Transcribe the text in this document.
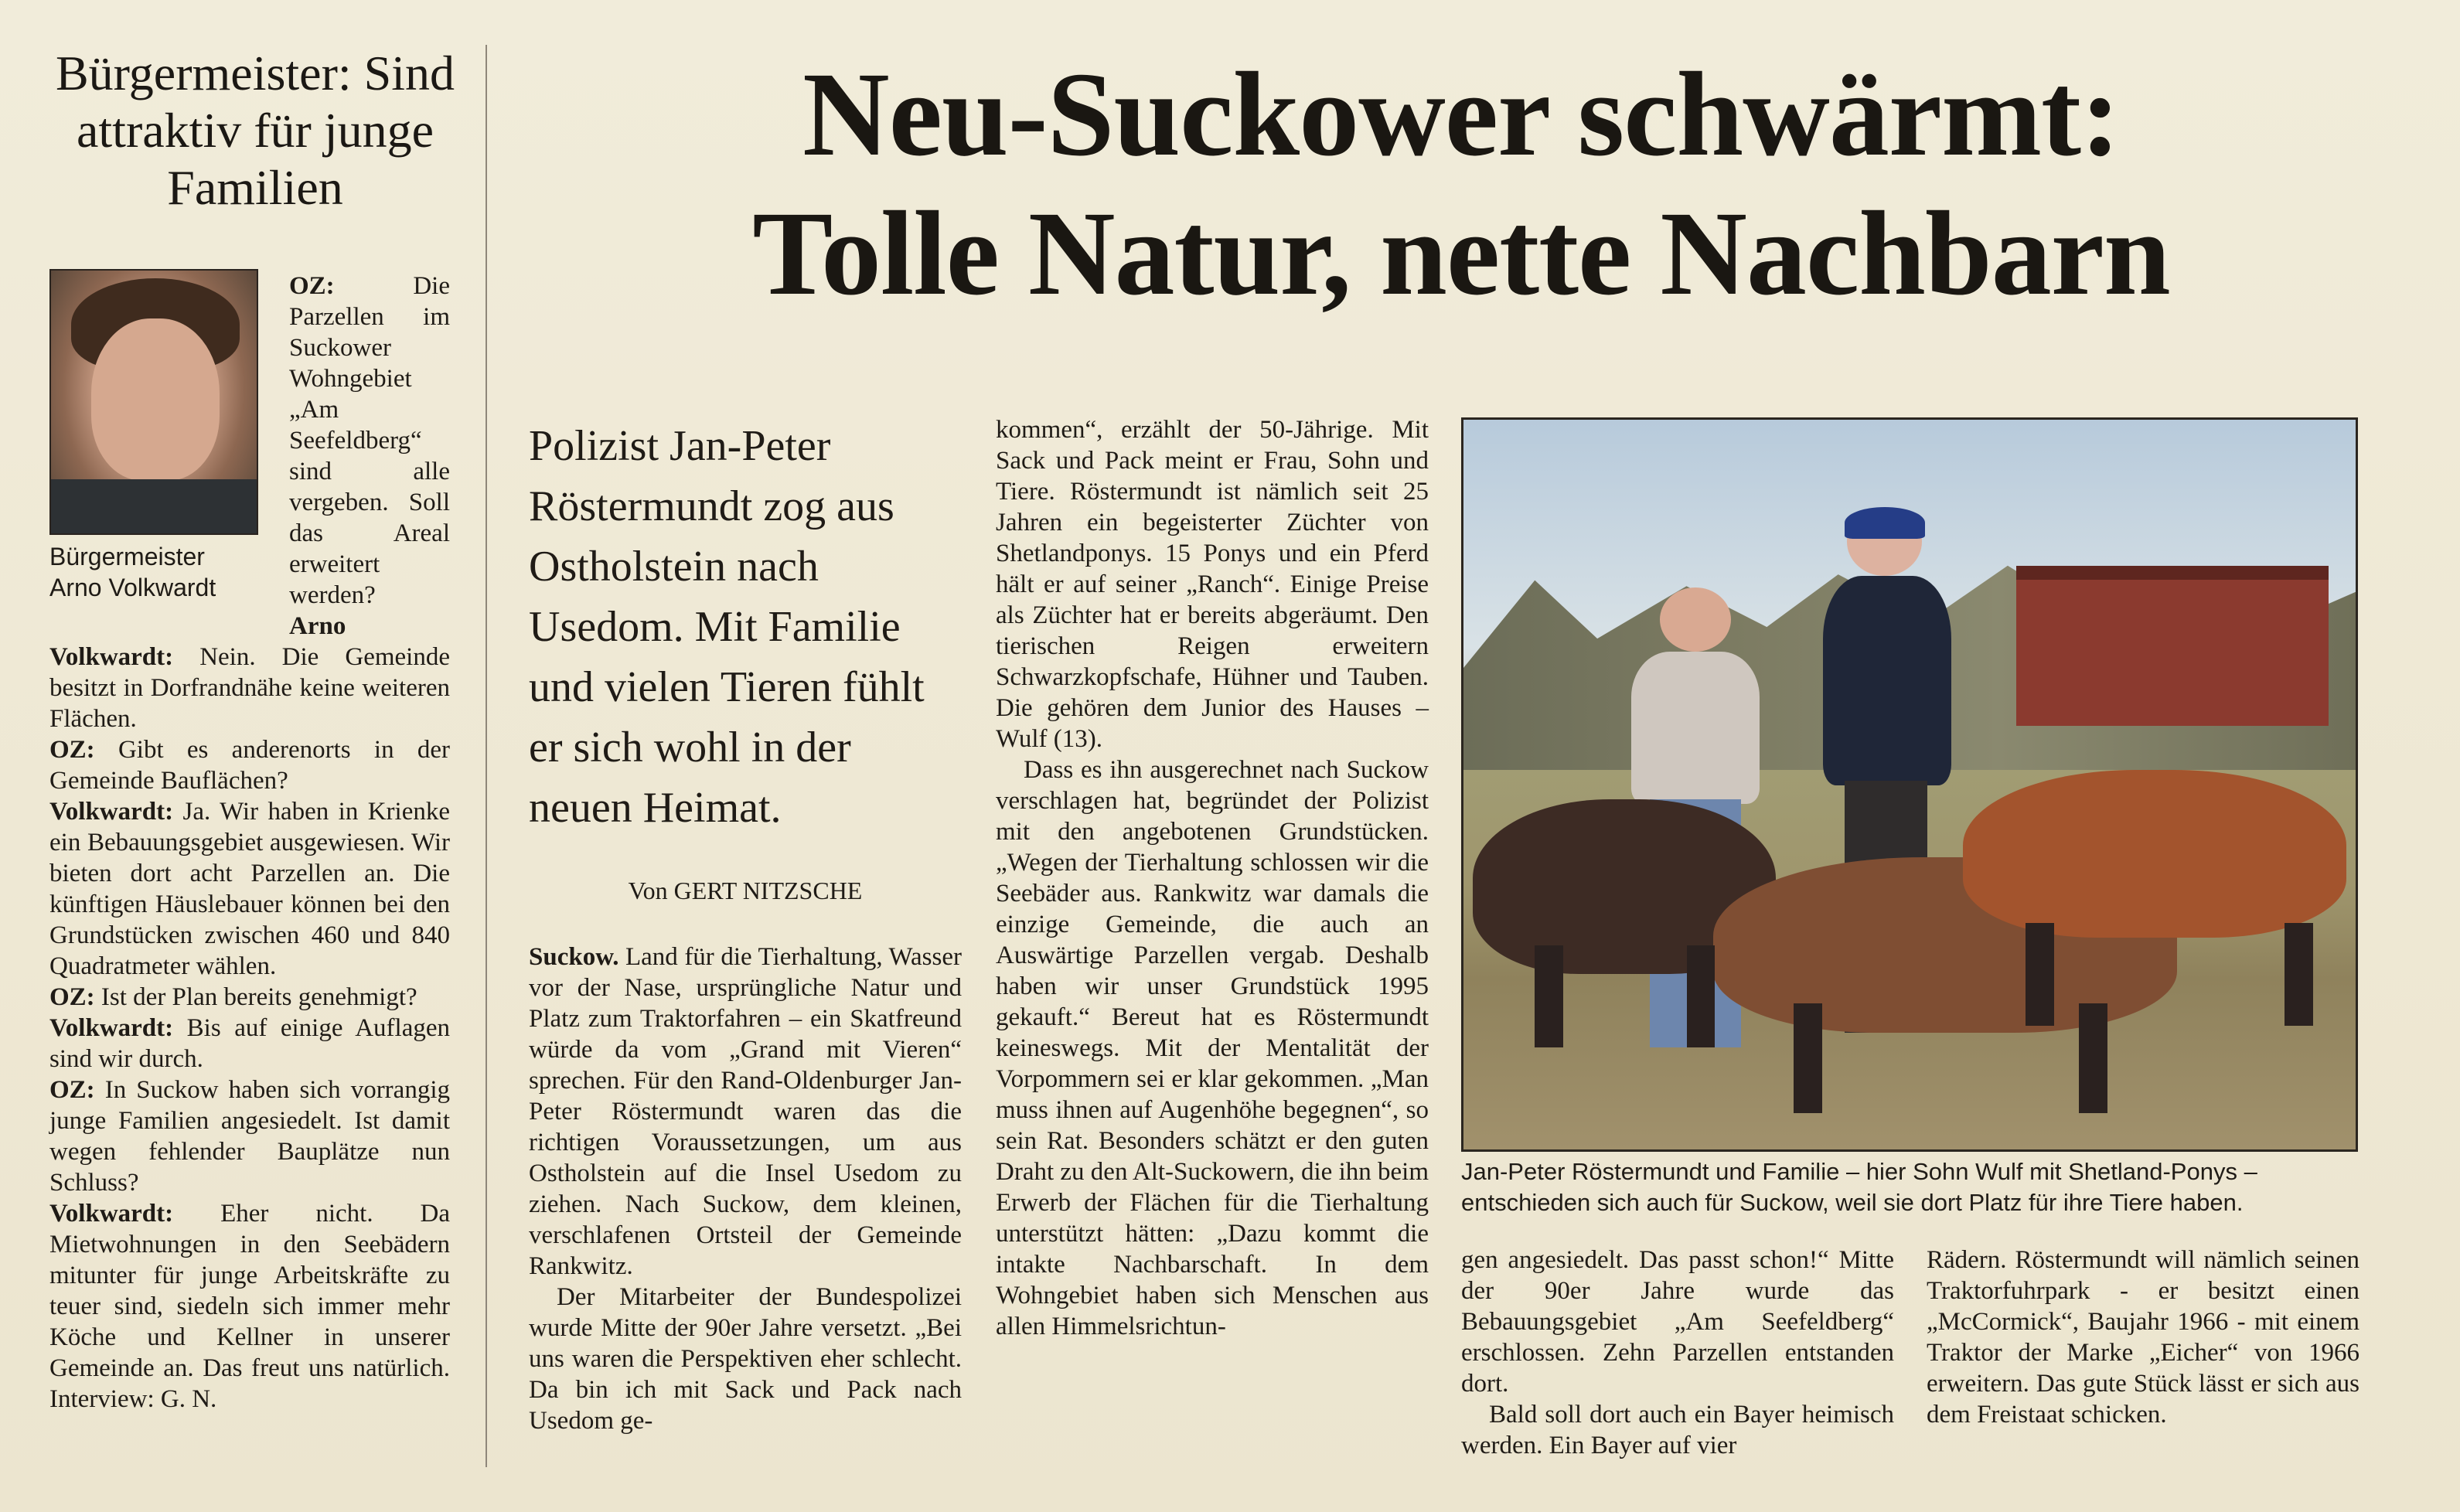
Bürgermeister: Sind attraktiv für junge Familien
Bürgermeister Arno Volkwardt

OZ: Die Parzellen im Suckower Wohngebiet „Am Seefeldberg“ sind alle vergeben. Soll das Areal erweitert werden?

Arno Volkwardt: Nein. Die Gemeinde besitzt in Dorfrandnähe keine weiteren Flächen.

OZ: Gibt es anderenorts in der Gemeinde Bauflächen?

Volkwardt: Ja. Wir haben in Krienke ein Bebauungsgebiet ausgewiesen. Wir bieten dort acht Parzellen an. Die künftigen Häuslebauer können bei den Grundstücken zwischen 460 und 840 Quadratmeter wählen.

OZ: Ist der Plan bereits genehmigt?

Volkwardt: Bis auf einige Auflagen sind wir durch.

OZ: In Suckow haben sich vorrangig junge Familien angesiedelt. Ist damit wegen fehlender Bauplätze nun Schluss?

Volkwardt: Eher nicht. Da Mietwohnungen in den Seebädern mitunter für junge Arbeitskräfte zu teuer sind, siedeln sich immer mehr Köche und Kellner in unserer Gemeinde an. Das freut uns natürlich. Interview: G. N.

Neu-Suckower schwärmt:
Tolle Natur, nette Nachbarn
Polizist Jan-Peter Röstermundt zog aus Ostholstein nach Usedom. Mit Familie und vielen Tieren fühlt er sich wohl in der neuen Heimat.
Von GERT NITZSCHE

Suckow. Land für die Tierhaltung, Wasser vor der Nase, ursprüngliche Natur und Platz zum Traktorfahren – ein Skatfreund würde da vom „Grand mit Vieren“ sprechen. Für den Rand-Oldenburger Jan-Peter Röstermundt waren das die richtigen Voraussetzungen, um aus Ostholstein auf die Insel Usedom zu ziehen. Nach Suckow, dem kleinen, verschlafenen Ortsteil der Gemeinde Rankwitz.

Der Mitarbeiter der Bundespolizei wurde Mitte der 90er Jahre versetzt. „Bei uns waren die Perspektiven eher schlecht. Da bin ich mit Sack und Pack nach Usedom ge-

kommen“, erzählt der 50-Jährige. Mit Sack und Pack meint er Frau, Sohn und Tiere. Röstermundt ist nämlich seit 25 Jahren ein begeisterter Züchter von Shetlandponys. 15 Ponys und ein Pferd hält er auf seiner „Ranch“. Einige Preise als Züchter hat er bereits abgeräumt. Den tierischen Reigen erweitern Schwarzkopfschafe, Hühner und Tauben. Die gehören dem Junior des Hauses – Wulf (13).

Dass es ihn ausgerechnet nach Suckow verschlagen hat, begründet der Polizist mit den angebotenen Grundstücken. „Wegen der Tierhaltung schlossen wir die Seebäder aus. Rankwitz war damals die einzige Gemeinde, die auch an Auswärtige Parzellen vergab. Deshalb haben wir unser Grundstück 1995 gekauft.“ Bereut hat es Röstermundt keineswegs. Mit der Mentalität der Vorpommern sei er klar gekommen. „Man muss ihnen auf Augenhöhe begegnen“, so sein Rat. Besonders schätzt er den guten Draht zu den Alt-Suckowern, die ihn beim Erwerb der Flächen für die Tierhaltung unterstützt hätten: „Dazu kommt die intakte Nachbarschaft. In dem Wohngebiet haben sich Menschen aus allen Himmelsrichtun-

Jan-Peter Röstermundt und Familie – hier Sohn Wulf mit Shetland-Ponys – entschieden sich auch für Suckow, weil sie dort Platz für ihre Tiere haben.

gen angesiedelt. Das passt schon!“ Mitte der 90er Jahre wurde das Bebauungsgebiet „Am Seefeldberg“ erschlossen. Zehn Parzellen entstanden dort.

Bald soll dort auch ein Bayer heimisch werden. Ein Bayer auf vier

Rädern. Röstermundt will nämlich seinen Traktorfuhrpark - er besitzt einen „McCormick“, Baujahr 1966 - mit einem Traktor der Marke „Eicher“ von 1966 erweitern. Das gute Stück lässt er sich aus dem Freistaat schicken.
